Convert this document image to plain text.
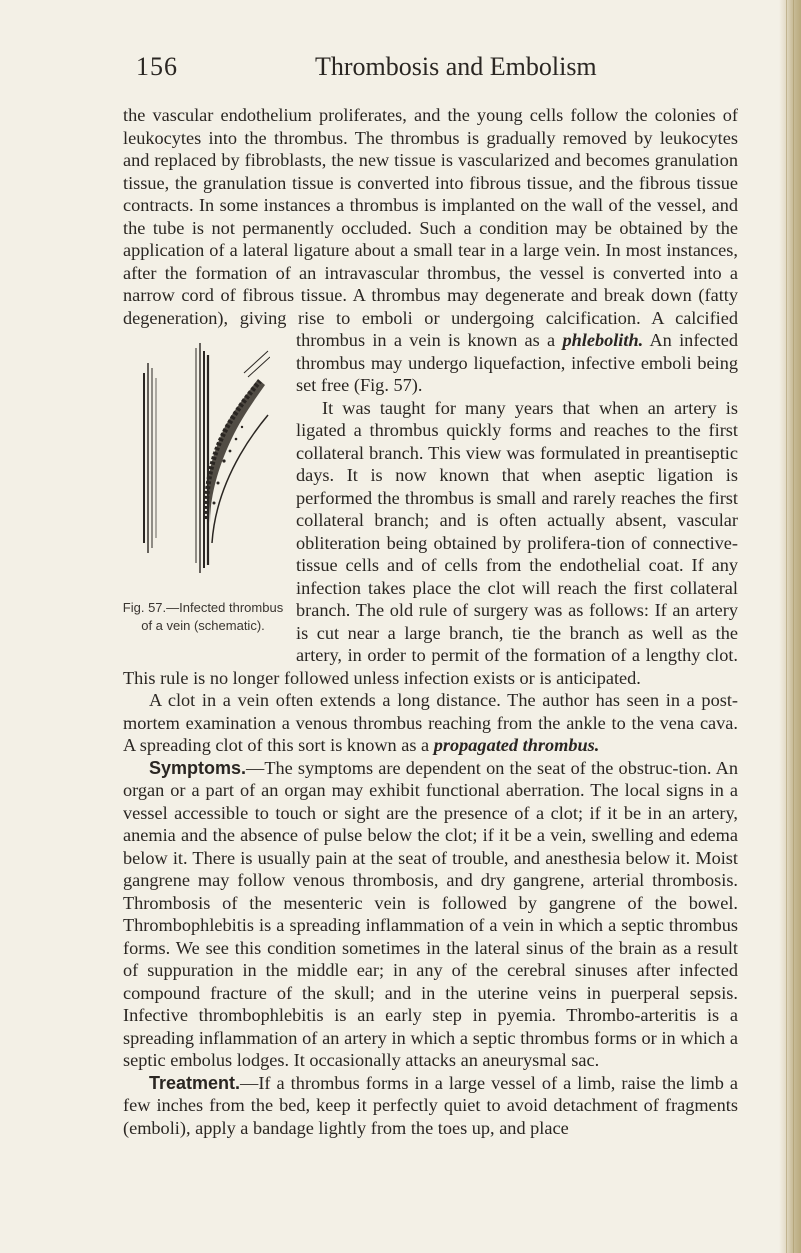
156	Thrombosis and Embolism
Fig. 57.—Infected thrombus
of a vein (schematic).

the vascular endothelium proliferates, and the young cells follow the colonies of leukocytes into the thrombus. The thrombus is gradually removed by leukocytes and replaced by fibroblasts, the new tissue is vascularized and becomes granulation tissue, the granulation tissue is converted into fibrous tissue, and the fibrous tissue contracts. In some instances a thrombus is implanted on the wall of the vessel, and the tube is not permanently occluded. Such a condition may be obtained by the application of a lateral ligature about a small tear in a large vein. In most instances, after the formation of an intravascular thrombus, the vessel is converted into a narrow cord of fibrous tissue. A thrombus may degenerate and break down (fatty degeneration), giving rise to emboli or undergoing calcification. A calcified thrombus in a vein is known as a phlebolith. An infected thrombus may undergo liquefaction, infective emboli being set free (Fig. 57).

It was taught for many years that when an artery is ligated a thrombus quickly forms and reaches to the first collateral branch. This view was formulated in preantiseptic days. It is now known that when aseptic ligation is performed the thrombus is small and rarely reaches the first collateral branch; and is often actually absent, vascular obliteration being obtained by prolifera-tion of connective-tissue cells and of cells from the endothelial coat. If any infection takes place the clot will reach the first collateral branch. The old rule of surgery was as follows: If an artery is cut near a large branch, tie the branch as well as the artery, in order to permit of the formation of a lengthy clot. This rule is no longer followed unless infection exists or is anticipated.

A clot in a vein often extends a long distance. The author has seen in a post-mortem examination a venous thrombus reaching from the ankle to the vena cava. A spreading clot of this sort is known as a propagated thrombus.

Symptoms.—The symptoms are dependent on the seat of the obstruc-tion. An organ or a part of an organ may exhibit functional aberration. The local signs in a vessel accessible to touch or sight are the presence of a clot; if it be in an artery, anemia and the absence of pulse below the clot; if it be a vein, swelling and edema below it. There is usually pain at the seat of trouble, and anesthesia below it. Moist gangrene may follow venous thrombosis, and dry gangrene, arterial thrombosis. Thrombosis of the mesenteric vein is followed by gangrene of the bowel. Thrombophlebitis is a spreading inflammation of a vein in which a septic thrombus forms. We see this condition sometimes in the lateral sinus of the brain as a result of suppuration in the middle ear; in any of the cerebral sinuses after infected compound fracture of the skull; and in the uterine veins in puerperal sepsis. Infective thrombophlebitis is an early step in pyemia. Thrombo-arteritis is a spreading inflammation of an artery in which a septic thrombus forms or in which a septic embolus lodges. It occasionally attacks an aneurysmal sac.

Treatment.—If a thrombus forms in a large vessel of a limb, raise the limb a few inches from the bed, keep it perfectly quiet to avoid detachment of fragments (emboli), apply a bandage lightly from the toes up, and place
